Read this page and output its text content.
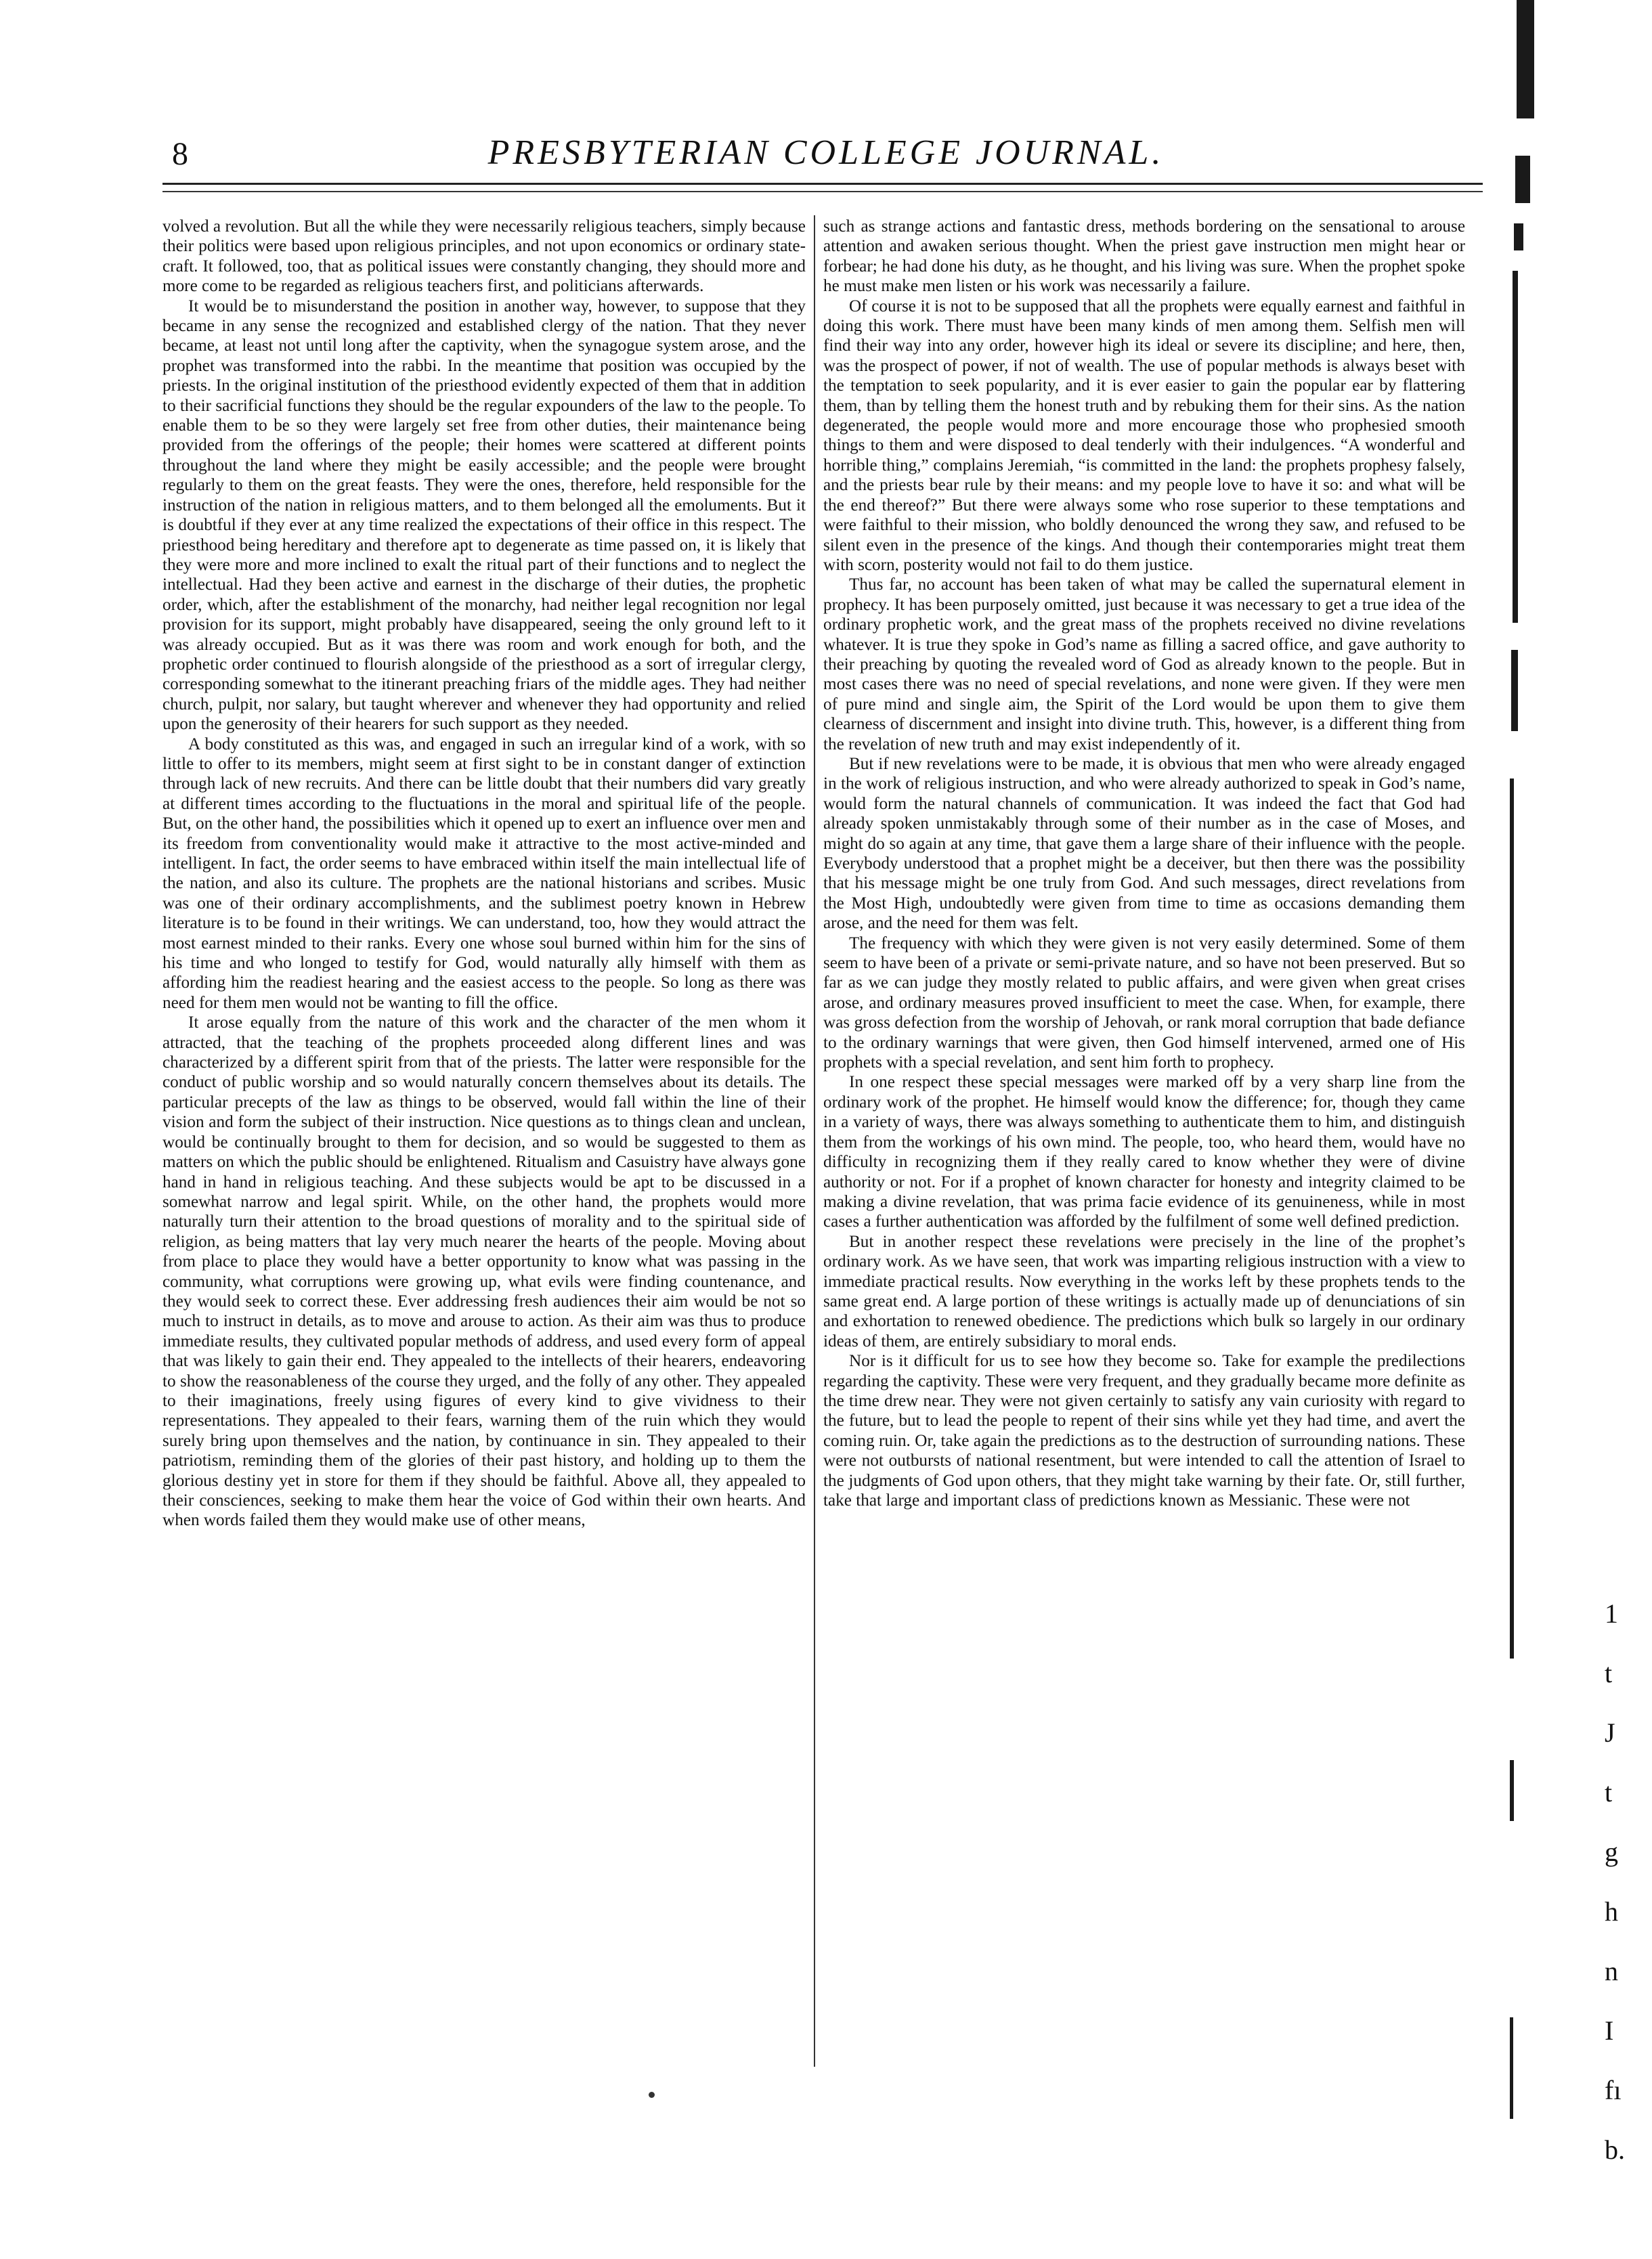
8	PRESBYTERIAN COLLEGE JOURNAL.

volved a revolution. But all the while they were necessarily religious teachers, simply because their politics were based upon religious principles, and not upon economics or ordinary state-craft. It followed, too, that as political issues were constantly changing, they should more and more come to be regarded as religious teachers first, and politicians afterwards.

It would be to misunderstand the position in another way, however, to suppose that they became in any sense the recognized and established clergy of the nation. That they never became, at least not until long after the captivity, when the synagogue system arose, and the prophet was transformed into the rabbi. In the meantime that position was occupied by the priests. In the original institution of the priesthood evidently expected of them that in addition to their sacrificial functions they should be the regular expounders of the law to the people. To enable them to be so they were largely set free from other duties, their maintenance being provided from the offerings of the people; their homes were scattered at different points throughout the land where they might be easily accessible; and the people were brought regularly to them on the great feasts. They were the ones, therefore, held responsible for the instruction of the nation in religious matters, and to them belonged all the emoluments. But it is doubtful if they ever at any time realized the expectations of their office in this respect. The priesthood being hereditary and therefore apt to degenerate as time passed on, it is likely that they were more and more inclined to exalt the ritual part of their functions and to neglect the intellectual. Had they been active and earnest in the discharge of their duties, the prophetic order, which, after the establishment of the monarchy, had neither legal recognition nor legal provision for its support, might probably have disappeared, seeing the only ground left to it was already occupied. But as it was there was room and work enough for both, and the prophetic order continued to flourish alongside of the priesthood as a sort of irregular clergy, corresponding somewhat to the itinerant preaching friars of the middle ages. They had neither church, pulpit, nor salary, but taught wherever and whenever they had opportunity and relied upon the generosity of their hearers for such support as they needed.

A body constituted as this was, and engaged in such an irregular kind of a work, with so little to offer to its members, might seem at first sight to be in constant danger of extinction through lack of new recruits. And there can be little doubt that their numbers did vary greatly at different times according to the fluctuations in the moral and spiritual life of the people. But, on the other hand, the possibilities which it opened up to exert an influence over men and its freedom from conventionality would make it attractive to the most active-minded and intelligent. In fact, the order seems to have embraced within itself the main intellectual life of the nation, and also its culture. The prophets are the national historians and scribes. Music was one of their ordinary accomplishments, and the sublimest poetry known in Hebrew literature is to be found in their writings. We can understand, too, how they would attract the most earnest minded to their ranks. Every one whose soul burned within him for the sins of his time and who longed to testify for God, would naturally ally himself with them as affording him the readiest hearing and the easiest access to the people. So long as there was need for them men would not be wanting to fill the office.

It arose equally from the nature of this work and the character of the men whom it attracted, that the teaching of the prophets proceeded along different lines and was characterized by a different spirit from that of the priests. The latter were responsible for the conduct of public worship and so would naturally concern themselves about its details. The particular precepts of the law as things to be observed, would fall within the line of their vision and form the subject of their instruction. Nice questions as to things clean and unclean, would be continually brought to them for decision, and so would be suggested to them as matters on which the public should be enlightened. Ritualism and Casuistry have always gone hand in hand in religious teaching. And these subjects would be apt to be discussed in a somewhat narrow and legal spirit. While, on the other hand, the prophets would more naturally turn their attention to the broad questions of morality and to the spiritual side of religion, as being matters that lay very much nearer the hearts of the people. Moving about from place to place they would have a better opportunity to know what was passing in the community, what corruptions were growing up, what evils were finding countenance, and they would seek to correct these. Ever addressing fresh audiences their aim would be not so much to instruct in details, as to move and arouse to action. As their aim was thus to produce immediate results, they cultivated popular methods of address, and used every form of appeal that was likely to gain their end. They appealed to the intellects of their hearers, endeavoring to show the reasonableness of the course they urged, and the folly of any other. They appealed to their imaginations, freely using figures of every kind to give vividness to their representations. They appealed to their fears, warning them of the ruin which they would surely bring upon themselves and the nation, by continuance in sin. They appealed to their patriotism, reminding them of the glories of their past history, and holding up to them the glorious destiny yet in store for them if they should be faithful. Above all, they appealed to their consciences, seeking to make them hear the voice of God within their own hearts. And when words failed them they would make use of other means,

such as strange actions and fantastic dress, methods bordering on the sensational to arouse attention and awaken serious thought. When the priest gave instruction men might hear or forbear; he had done his duty, as he thought, and his living was sure. When the prophet spoke he must make men listen or his work was necessarily a failure.

Of course it is not to be supposed that all the prophets were equally earnest and faithful in doing this work. There must have been many kinds of men among them. Selfish men will find their way into any order, however high its ideal or severe its discipline; and here, then, was the prospect of power, if not of wealth. The use of popular methods is always beset with the temptation to seek popularity, and it is ever easier to gain the popular ear by flattering them, than by telling them the honest truth and by rebuking them for their sins. As the nation degenerated, the people would more and more encourage those who prophesied smooth things to them and were disposed to deal tenderly with their indulgences. “A wonderful and horrible thing,” complains Jeremiah, “is committed in the land: the prophets prophesy falsely, and the priests bear rule by their means: and my people love to have it so: and what will be the end thereof?” But there were always some who rose superior to these temptations and were faithful to their mission, who boldly denounced the wrong they saw, and refused to be silent even in the presence of the kings. And though their contemporaries might treat them with scorn, posterity would not fail to do them justice.

Thus far, no account has been taken of what may be called the supernatural element in prophecy. It has been purposely omitted, just because it was necessary to get a true idea of the ordinary prophetic work, and the great mass of the prophets received no divine revelations whatever. It is true they spoke in God’s name as filling a sacred office, and gave authority to their preaching by quoting the revealed word of God as already known to the people. But in most cases there was no need of special revelations, and none were given. If they were men of pure mind and single aim, the Spirit of the Lord would be upon them to give them clearness of discernment and insight into divine truth. This, however, is a different thing from the revelation of new truth and may exist independently of it.

But if new revelations were to be made, it is obvious that men who were already engaged in the work of religious instruction, and who were already authorized to speak in God’s name, would form the natural channels of communication. It was indeed the fact that God had already spoken unmistakably through some of their number as in the case of Moses, and might do so again at any time, that gave them a large share of their influence with the people. Everybody understood that a prophet might be a deceiver, but then there was the possibility that his message might be one truly from God. And such messages, direct revelations from the Most High, undoubtedly were given from time to time as occasions demanding them arose, and the need for them was felt.

The frequency with which they were given is not very easily determined. Some of them seem to have been of a private or semi-private nature, and so have not been preserved. But so far as we can judge they mostly related to public affairs, and were given when great crises arose, and ordinary measures proved insufficient to meet the case. When, for example, there was gross defection from the worship of Jehovah, or rank moral corruption that bade defiance to the ordinary warnings that were given, then God himself intervened, armed one of His prophets with a special revelation, and sent him forth to prophecy.

In one respect these special messages were marked off by a very sharp line from the ordinary work of the prophet. He himself would know the difference; for, though they came in a variety of ways, there was always something to authenticate them to him, and distinguish them from the workings of his own mind. The people, too, who heard them, would have no difficulty in recognizing them if they really cared to know whether they were of divine authority or not. For if a prophet of known character for honesty and integrity claimed to be making a divine revelation, that was prima facie evidence of its genuineness, while in most cases a further authentication was afforded by the fulfilment of some well defined prediction.

But in another respect these revelations were precisely in the line of the prophet’s ordinary work. As we have seen, that work was imparting religious instruction with a view to immediate practical results. Now everything in the works left by these prophets tends to the same great end. A large portion of these writings is actually made up of denunciations of sin and exhortation to renewed obedience. The predictions which bulk so largely in our ordinary ideas of them, are entirely subsidiary to moral ends.

Nor is it difficult for us to see how they become so. Take for example the predilections regarding the captivity. These were very frequent, and they gradually became more definite as the time drew near. They were not given certainly to satisfy any vain curiosity with regard to the future, but to lead the people to repent of their sins while yet they had time, and avert the coming ruin. Or, take again the predictions as to the destruction of surrounding nations. These were not outbursts of national resentment, but were intended to call the attention of Israel to the judgments of God upon others, that they might take warning by their fate. Or, still further, take that large and important class of predictions known as Messianic. These were not

1
t
J
t
g
h
n
I
fı
b.
